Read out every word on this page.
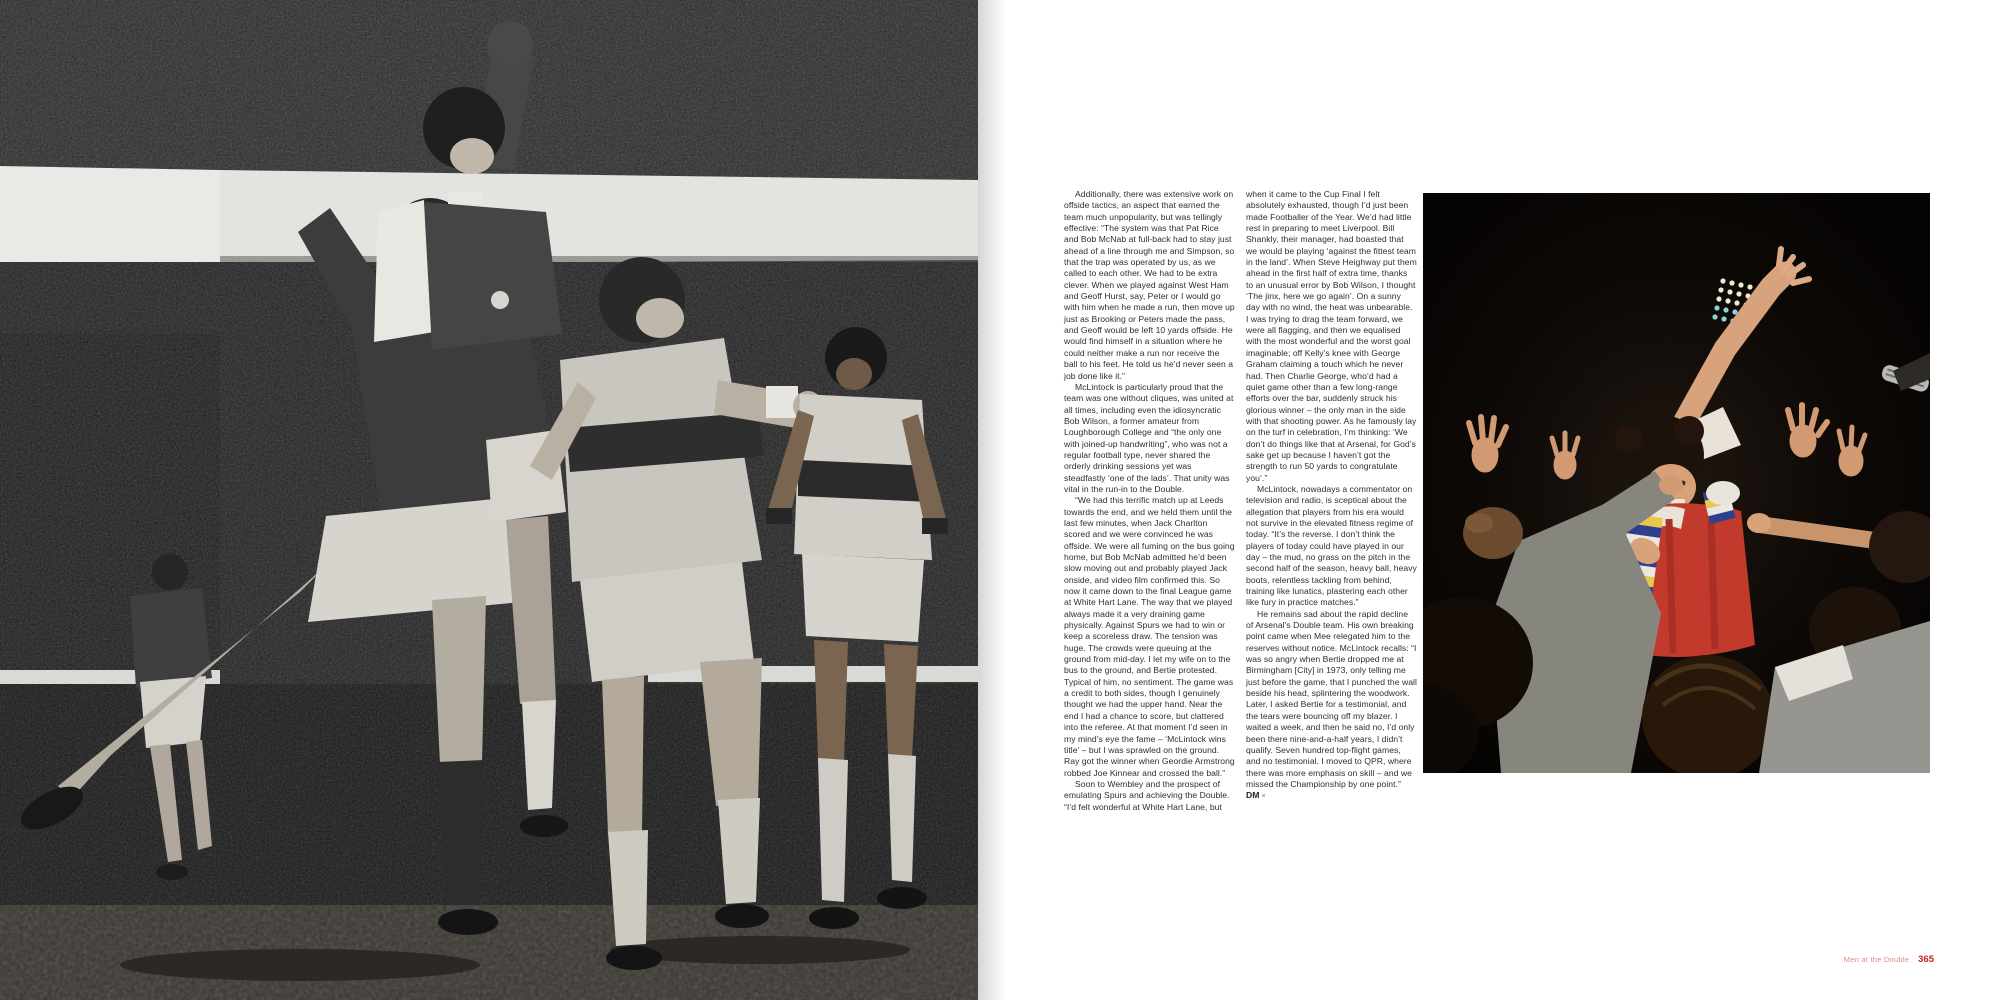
Additionally, there was extensive work on offside tactics, an aspect that earned the team much unpopularity, but was tellingly effective: “The system was that Pat Rice and Bob McNab at full-back had to stay just ahead of a line through me and Simpson, so that the trap was operated by us, as we called to each other. We had to be extra clever. When we played against West Ham and Geoff Hurst, say, Peter or I would go with him when he made a run, then move up just as Brooking or Peters made the pass, and Geoff would be left 10 yards offside. He would find himself in a situation where he could neither make a run nor receive the ball to his feet. He told us he’d never seen a job done like it.”

McLintock is particularly proud that the team was one without cliques, was united at all times, including even the idiosyncratic Bob Wilson, a former amateur from Loughborough College and “the only one with joined-up handwriting”, who was not a regular football type, never shared the orderly drinking sessions yet was steadfastly ‘one of the lads’. That unity was vital in the run-in to the Double.

“We had this terrific match up at Leeds towards the end, and we held them until the last few minutes, when Jack Charlton scored and we were convinced he was offside. We were all fuming on the bus going home, but Bob McNab admitted he’d been slow moving out and probably played Jack onside, and video film confirmed this. So now it came down to the final League game at White Hart Lane. The way that we played always made it a very draining game physically. Against Spurs we had to win or keep a scoreless draw. The tension was huge. The crowds were queuing at the ground from mid-day. I let my wife on to the bus to the ground, and Bertie protested. Typical of him, no sentiment. The game was a credit to both sides, though I genuinely thought we had the upper hand. Near the end I had a chance to score, but clattered into the referee. At that moment I’d seen in my mind’s eye the fame – ‘McLintock wins title’ – but I was sprawled on the ground. Ray got the winner when Geordie Armstrong robbed Joe Kinnear and crossed the ball.”

Soon to Wembley and the prospect of emulating Spurs and achieving the Double. “I’d felt wonderful at White Hart Lane, but

when it came to the Cup Final I felt absolutely exhausted, though I’d just been made Footballer of the Year. We’d had little rest in preparing to meet Liverpool. Bill Shankly, their manager, had boasted that we would be playing ‘against the fittest team in the land’. When Steve Heighway put them ahead in the first half of extra time, thanks to an unusual error by Bob Wilson, I thought ‘The jinx, here we go again’. On a sunny day with no wind, the heat was unbearable. I was trying to drag the team forward, we were all flagging, and then we equalised with the most wonderful and the worst goal imaginable; off Kelly’s knee with George Graham claiming a touch which he never had. Then Charlie George, who’d had a quiet game other than a few long-range efforts over the bar, suddenly struck his glorious winner – the only man in the side with that shooting power. As he famously lay on the turf in celebration, I’m thinking: ‘We don’t do things like that at Arsenal, for God’s sake get up because I haven’t got the strength to run 50 yards to congratulate you’.”

McLintock, nowadays a commentator on television and radio, is sceptical about the allegation that players from his era would not survive in the elevated fitness regime of today. “It’s the reverse. I don’t think the players of today could have played in our day – the mud, no grass on the pitch in the second half of the season, heavy ball, heavy boots, relentless tackling from behind, training like lunatics, plastering each other like fury in practice matches.”

He remains sad about the rapid decline of Arsenal’s Double team. His own breaking point came when Mee relegated him to the reserves without notice. McLintock recalls: “I was so angry when Bertie dropped me at Birmingham [City] in 1973, only telling me just before the game, that I punched the wall beside his head, splintering the woodwork. Later, I asked Bertie for a testimonial, and the tears were bouncing off my blazer. I waited a week, and then he said no, I’d only been there nine-and-a-half years, I didn’t qualify. Seven hundred top-flight games, and no testimonial. I moved to QPR, where there was more emphasis on skill – and we missed the Championship by one point.” DM ×

Men at the Double 365
